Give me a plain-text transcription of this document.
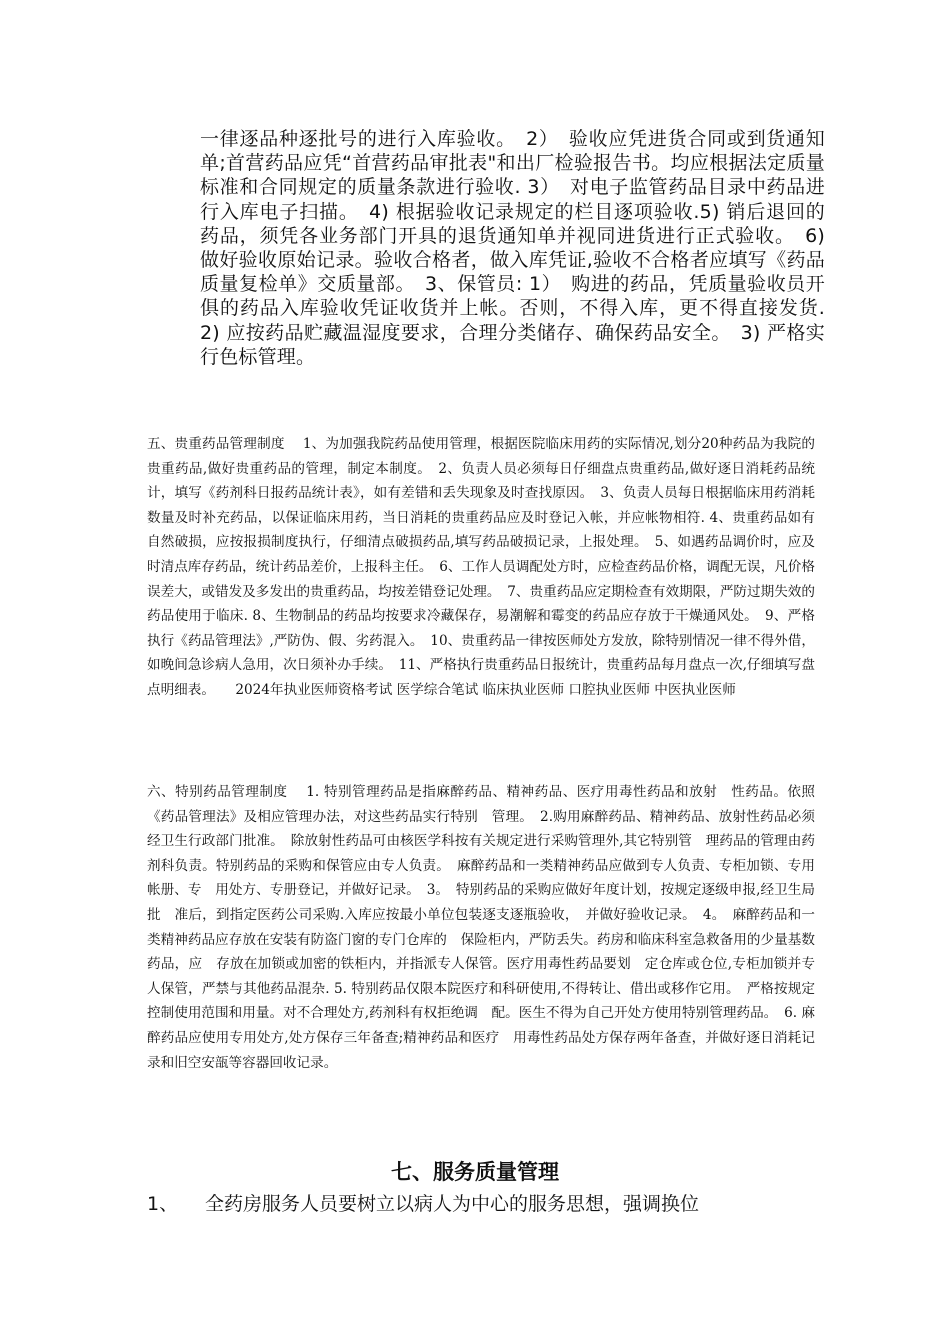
一律逐品种逐批号的进行入库验收。　2）　验收应凭进货合同或到货通知单;首营药品应凭“首营药品审批表"和出厂检验报告书。均应根据法定质量标准和合同规定的质量条款进行验收. 3）　对电子监管药品目录中药品进行入库电子扫描。　4) 根据验收记录规定的栏目逐项验收.5) 销后退回的药品，须凭各业务部门开具的退货通知单并视同进货进行正式验收。　6) 做好验收原始记录。验收合格者，做入库凭证,验收不合格者应填写《药品质量复检单》交质量部。　3、保管员: 1）　购进的药品，凭质量验收员开俱的药品入库验收凭证收货并上帐。否则，不得入库，更不得直接发货. 2) 应按药品贮藏温湿度要求，合理分类储存、确保药品安全。　3) 严格实行色标管理。

五、贵重药品管理制度　 1、为加强我院药品使用管理，根据医院临床用药的实际情况,划分20种药品为我院的贵重药品,做好贵重药品的管理，制定本制度。　2、负责人员必须每日仔细盘点贵重药品,做好逐日消耗药品统计，填写《药剂科日报药品统计表》，如有差错和丢失现象及时查找原因。　3、负责人员每日根据临床用药消耗数量及时补充药品，以保证临床用药，当日消耗的贵重药品应及时登记入帐，并应帐物相符. 4、贵重药品如有自然破损，应按报损制度执行，仔细清点破损药品,填写药品破损记录，上报处理。　5、如遇药品调价时，应及时清点库存药品，统计药品差价，上报科主任。　6、工作人员调配处方时，应检查药品价格，调配无误，凡价格误差大，或错发及多发出的贵重药品，均按差错登记处理。　7、贵重药品应定期检查有效期限，严防过期失效的药品使用于临床. 8、生物制品的药品均按要求冷藏保存，易潮解和霉变的药品应存放于干燥通风处。　9、严格执行《药品管理法》,严防伪、假、劣药混入。　10、贵重药品一律按医师处方发放，除特别情况一律不得外借，如晚间急诊病人急用，次日须补办手续。　11、严格执行贵重药品日报统计，贵重药品每月盘点一次,仔细填写盘点明细表。　　2024年执业医师资格考试 医学综合笔试 临床执业医师 口腔执业医师 中医执业医师

六、特别药品管理制度　 1. 特别管理药品是指麻醉药品、精神药品、医疗用毒性药品和放射　性药品。依照《药品管理法》及相应管理办法，对这些药品实行特别　管理。　2.购用麻醉药品、精神药品、放射性药品必须经卫生行政部门批准。　除放射性药品可由核医学科按有关规定进行采购管理外,其它特别管　理药品的管理由药剂科负责。特别药品的采购和保管应由专人负责。　麻醉药品和一类精神药品应做到专人负责、专柜加锁、专用帐册、专　用处方、专册登记，并做好记录。　3。　特别药品的采购应做好年度计划，按规定逐级申报,经卫生局批　准后，到指定医药公司采购.入库应按最小单位包装逐支逐瓶验收，　并做好验收记录。　4。　麻醉药品和一类精神药品应存放在安装有防盗门窗的专门仓库的　保险柜内，严防丢失。药房和临床科室急救备用的少量基数药品，应　存放在加锁或加密的铁柜内，并指派专人保管。医疗用毒性药品要划　定仓库或仓位,专柜加锁并专人保管，严禁与其他药品混杂. 5. 特别药品仅限本院医疗和科研使用,不得转让、借出或移作它用。　严格按规定控制使用范围和用量。对不合理处方,药剂科有权拒绝调　配。医生不得为自己开处方使用特别管理药品。　6. 麻醉药品应使用专用处方,处方保存三年备查;精神药品和医疗　用毒性药品处方保存两年备查，并做好逐日消耗记录和旧空安瓿等容器回收记录。

七、服务质量管理

1、 全药房服务人员要树立以病人为中心的服务思想，强调换位
